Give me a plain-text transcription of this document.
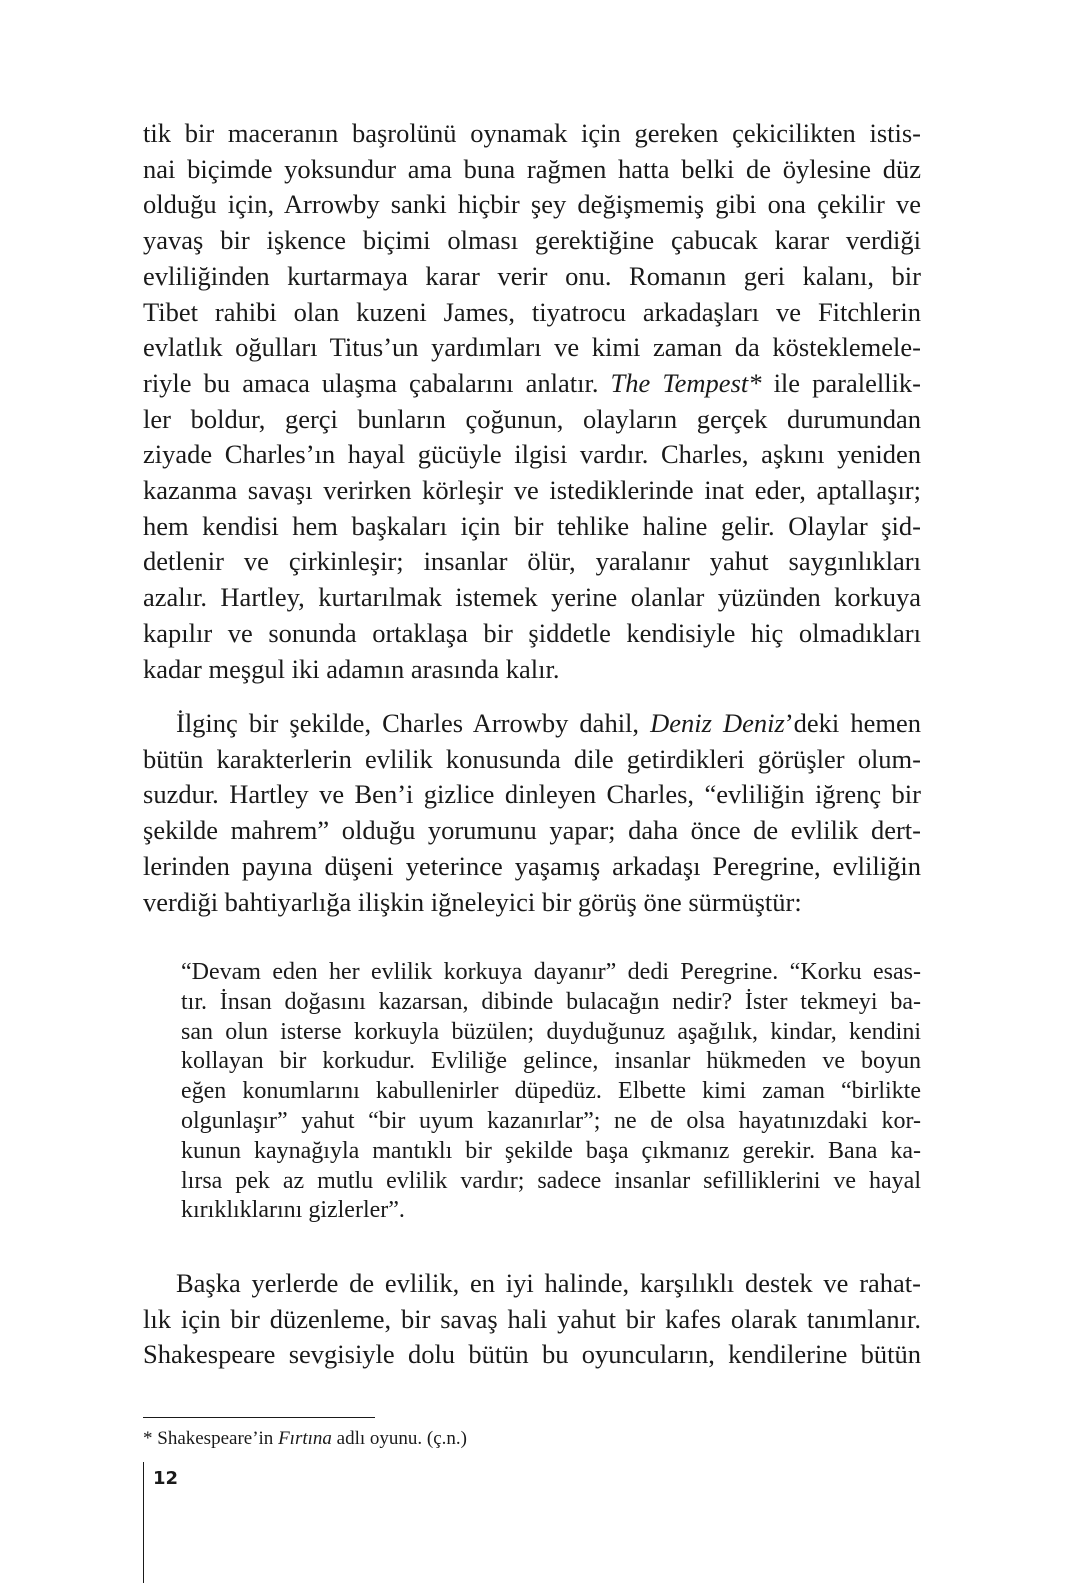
tik bir maceranın başrolünü oynamak için gereken çekicilikten istis-
nai biçimde yoksundur ama buna rağmen hatta belki de öylesine düz
olduğu için, Arrowby sanki hiçbir şey değişmemiş gibi ona çekilir ve
yavaş bir işkence biçimi olması gerektiğine çabucak karar verdiği
evliliğinden kurtarmaya karar verir onu. Romanın geri kalanı, bir
Tibet rahibi olan kuzeni James, tiyatrocu arkadaşları ve Fitchlerin
evlatlık oğulları Titus’un yardımları ve kimi zaman da kösteklemele-
riyle bu amaca ulaşma çabalarını anlatır. The Tempest* ile paralellik-
ler boldur, gerçi bunların çoğunun, olayların gerçek durumundan
ziyade Charles’ın hayal gücüyle ilgisi vardır. Charles, aşkını yeniden
kazanma savaşı verirken körleşir ve istediklerinde inat eder, aptallaşır;
hem kendisi hem başkaları için bir tehlike haline gelir. Olaylar şid-
detlenir ve çirkinleşir; insanlar ölür, yaralanır yahut saygınlıkları
azalır. Hartley, kurtarılmak istemek yerine olanlar yüzünden korkuya
kapılır ve sonunda ortaklaşa bir şiddetle kendisiyle hiç olmadıkları
kadar meşgul iki adamın arasında kalır.

İlginç bir şekilde, Charles Arrowby dahil, Deniz Deniz’deki hemen
bütün karakterlerin evlilik konusunda dile getirdikleri görüşler olum-
suzdur. Hartley ve Ben’i gizlice dinleyen Charles, “evliliğin iğrenç bir
şekilde mahrem” olduğu yorumunu yapar; daha önce de evlilik dert-
lerinden payına düşeni yeterince yaşamış arkadaşı Peregrine, evliliğin
verdiği bahtiyarlığa ilişkin iğneleyici bir görüş öne sürmüştür:

“Devam eden her evlilik korkuya dayanır” dedi Peregrine. “Korku esas-
tır. İnsan doğasını kazarsan, dibinde bulacağın nedir? İster tekmeyi ba-
san olun isterse korkuyla büzülen; duyduğunuz aşağılık, kindar, kendini
kollayan bir korkudur. Evliliğe gelince, insanlar hükmeden ve boyun
eğen konumlarını kabullenirler düpedüz. Elbette kimi zaman “birlikte
olgunlaşır” yahut “bir uyum kazanırlar”; ne de olsa hayatınızdaki kor-
kunun kaynağıyla mantıklı bir şekilde başa çıkmanız gerekir. Bana ka-
lırsa pek az mutlu evlilik vardır; sadece insanlar sefilliklerini ve hayal
kırıklıklarını gizlerler”.

Başka yerlerde de evlilik, en iyi halinde, karşılıklı destek ve rahat-
lık için bir düzenleme, bir savaş hali yahut bir kafes olarak tanımlanır.
Shakespeare sevgisiyle dolu bütün bu oyuncuların, kendilerine bütün

* Shakespeare’in Fırtına adlı oyunu. (ç.n.)
12
